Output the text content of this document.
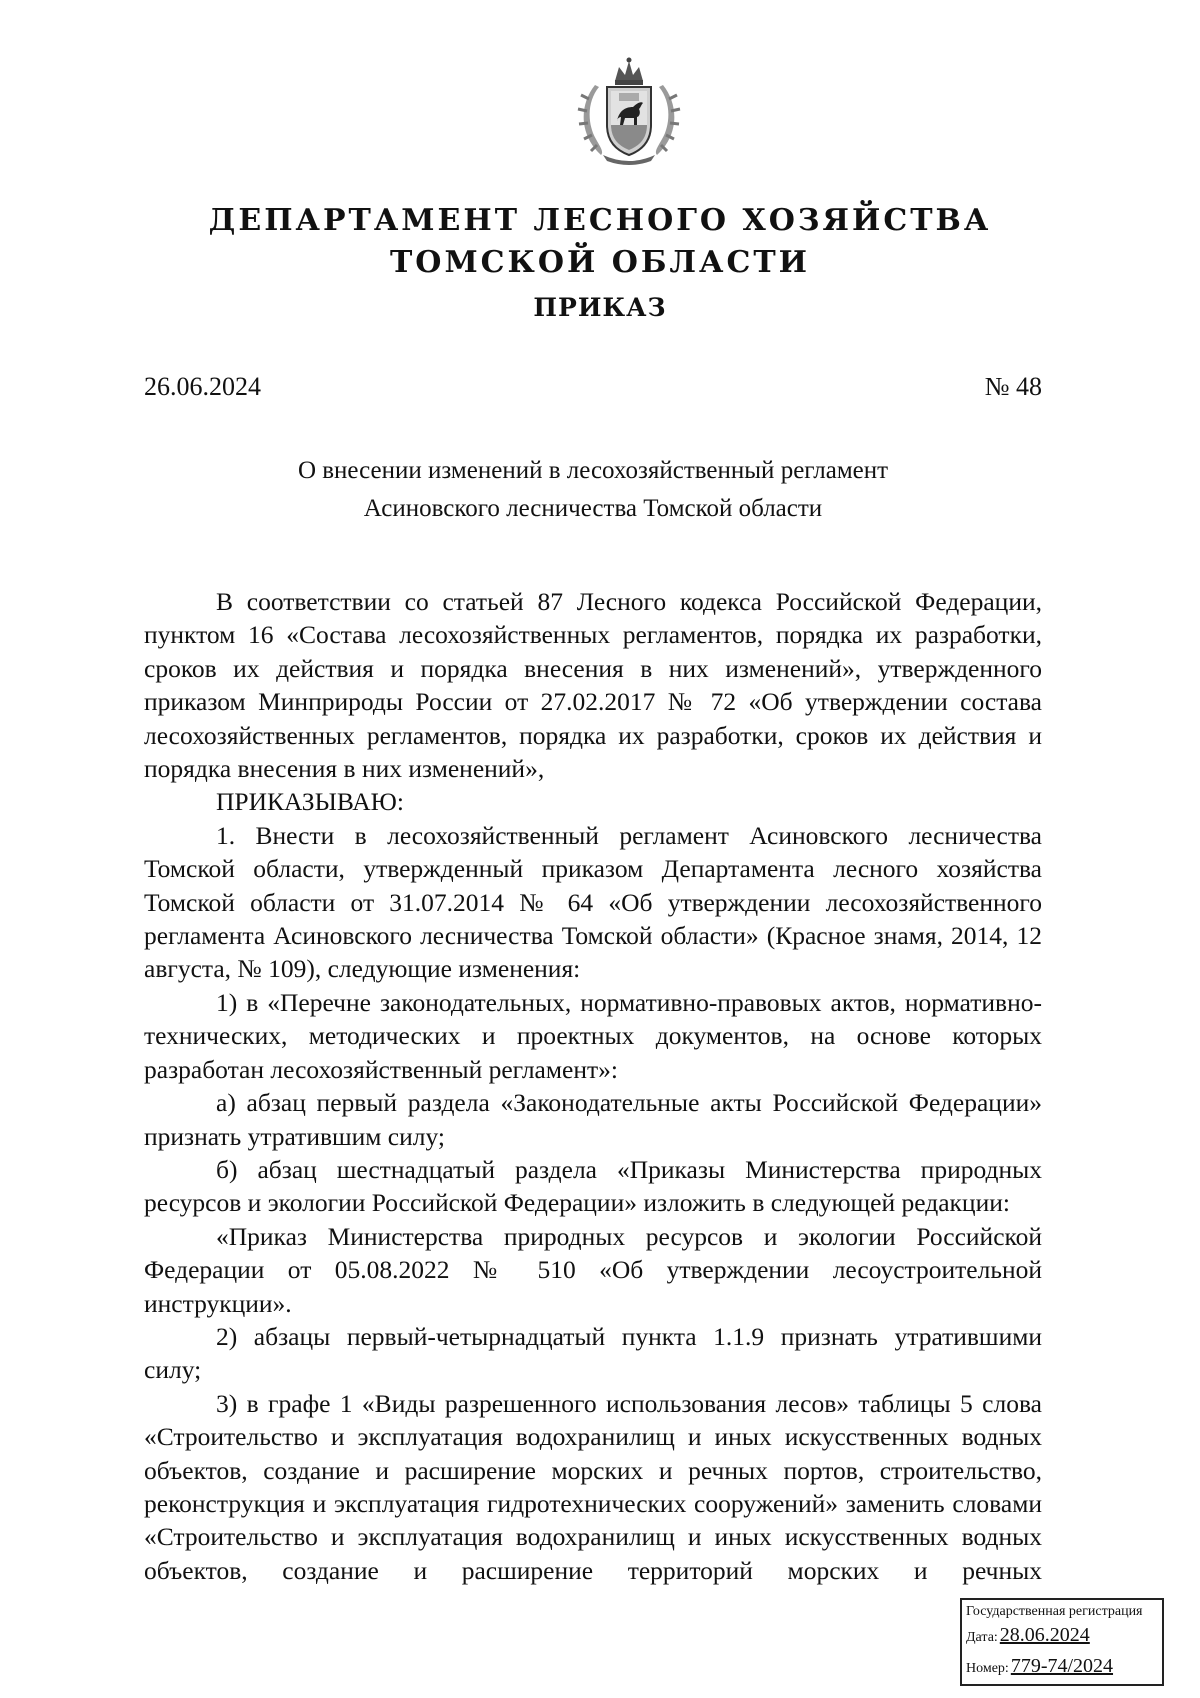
ДЕПАРТАМЕНТ ЛЕСНОГО ХОЗЯЙСТВА
ТОМСКОЙ ОБЛАСТИ
ПРИКАЗ
26.06.2024	№ 48
О внесении изменений в лесохозяйственный регламент
Асиновского лесничества Томской области

В соответствии со статьей 87 Лесного кодекса Российской Федерации, пунктом 16 «Состава лесохозяйственных регламентов, порядка их разработки, сроков их действия и порядка внесения в них изменений», утвержденного приказом Минприроды России от 27.02.2017 № 72 «Об утверждении состава лесохозяйственных регламентов, порядка их разработки, сроков их действия и порядка внесения в них изменений»,

ПРИКАЗЫВАЮ:

1. Внести в лесохозяйственный регламент Асиновского лесничества Томской области, утвержденный приказом Департамента лесного хозяйства Томской области от 31.07.2014 № 64 «Об утверждении лесохозяйственного регламента Асиновского лесничества Томской области» (Красное знамя, 2014, 12 августа, № 109), следующие изменения:

1) в «Перечне законодательных, нормативно-правовых актов, нормативно-технических, методических и проектных документов, на основе которых разработан лесохозяйственный регламент»:

а) абзац первый раздела «Законодательные акты Российской Федерации» признать утратившим силу;

б) абзац шестнадцатый раздела «Приказы Министерства природных ресурсов и экологии Российской Федерации» изложить в следующей редакции:

«Приказ Министерства природных ресурсов и экологии Российской Федерации от 05.08.2022 № 510 «Об утверждении лесоустроительной инструкции».

2) абзацы первый-четырнадцатый пункта 1.1.9 признать утратившими силу;

3) в графе 1 «Виды разрешенного использования лесов» таблицы 5 слова «Строительство и эксплуатация водохранилищ и иных искусственных водных объектов, создание и расширение морских и речных портов, строительство, реконструкция и эксплуатация гидротехнических сооружений» заменить словами «Строительство и эксплуатация водохранилищ и иных искусственных водных объектов, создание и расширение территорий морских и речных

Государственная регистрация
Дата: 28.06.2024
Номер: 779-74/2024
